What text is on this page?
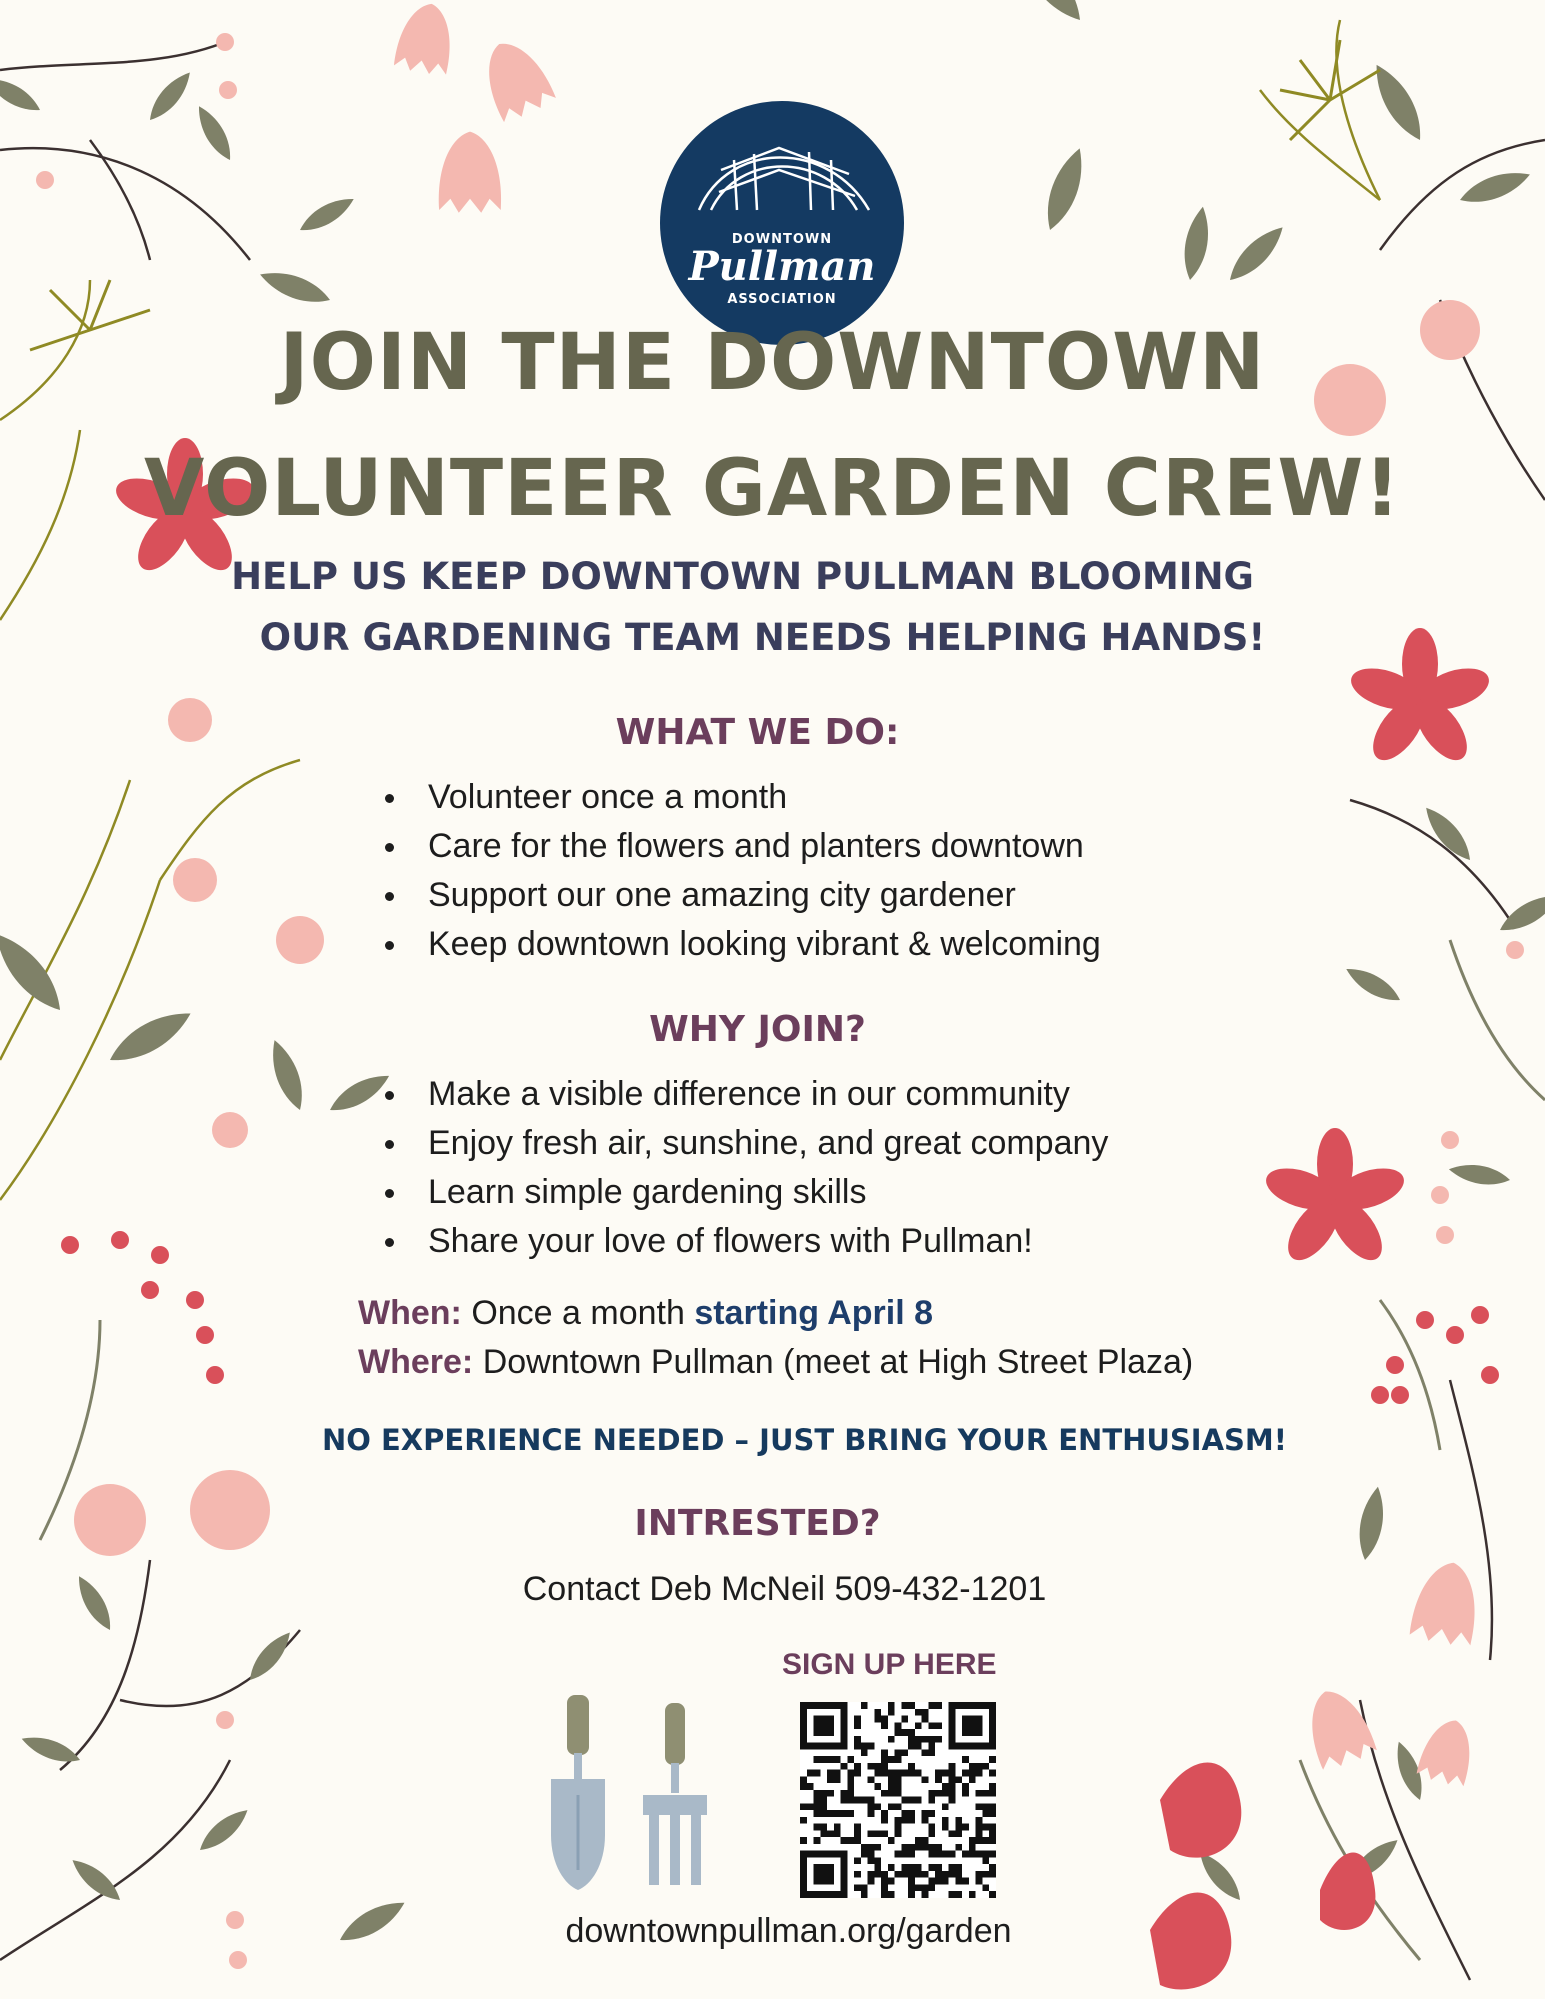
DOWNTOWN
Pullman
ASSOCIATION
JOIN THE DOWNTOWN
VOLUNTEER GARDEN CREW!

HELP US KEEP DOWNTOWN PULLMAN BLOOMING

OUR GARDENING TEAM NEEDS HELPING HANDS!

WHAT WE DO:
Volunteer once a month
Care for the flowers and planters downtown
Support our one amazing city gardener
Keep downtown looking vibrant & welcoming
WHY JOIN?
Make a visible difference in our community
Enjoy fresh air, sunshine, and great company
Learn simple gardening skills
Share your love of flowers with Pullman!

When: Once a month starting April 8

Where: Downtown Pullman (meet at High Street Plaza)

NO EXPERIENCE NEEDED – JUST BRING YOUR ENTHUSIASM!

INTRESTED?

Contact Deb McNeil 509-432-1201

SIGN UP HERE

downtownpullman.org/garden
